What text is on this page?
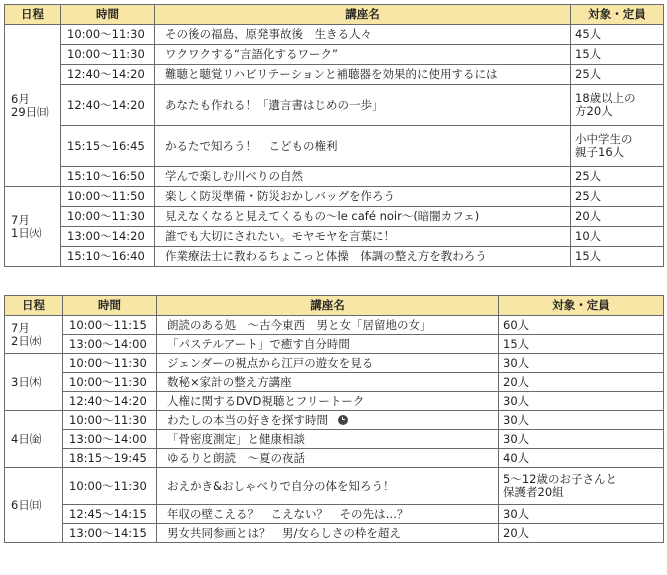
日程	時間	講座名	対象・定員
6月
29日㈰	10:00～11:30	その後の福島、原発事故後　生きる人々	45人
	10:00～11:30	ワクワクする“言語化するワーク”	15人
	12:40～14:20	難聴と聴覚リハビリテーションと補聴器を効果的に使用するには	25人
	12:40～14:20	あなたも作れる！「遺言書はじめの一歩」	18歳以上の
方20人
	15:15～16:45	かるたで知ろう！　こどもの権利	小中学生の
親子16人
	15:10～16:50	学んで楽しむ川べりの自然	25人
7月
1日㈫	10:00～11:50	楽しく防災準備・防災おかしバッグを作ろう	25人
	10:00～11:30	見えなくなると見えてくるもの～le café noir～(暗闇カフェ)	20人
	13:00～14:20	誰でも大切にされたい。モヤモヤを言葉に！	10人
	15:10～16:40	作業療法士に教わるちょこっと体操　体調の整え方を教わろう	15人
日程	時間	講座名	対象・定員
7月
2日㈬	10:00～11:15	朗読のある処　～古今東西　男と女「居留地の女」	60人
	13:00～14:00	「パステルアート」で癒す自分時間	15人
3日㈭	10:00～11:30	ジェンダーの視点から江戸の遊女を見る	30人
	10:00～11:30	数秘×家計の整え方講座	20人
	12:40～14:20	人権に関するDVD視聴とフリートーク	30人
4日㈮	10:00～11:30	わたしの本当の好きを探す時間	30人
	13:00～14:00	「骨密度測定」と健康相談	30人
	18:15～19:45	ゆるりと朗読　～夏の夜話	40人
6日㈰	10:00～11:30	おえかき&おしゃべりで自分の体を知ろう！	5～12歳のお子さんと
保護者20組
	12:45～14:15	年収の壁こえる？　こえない？　その先は…？	30人
	13:00～14:15	男女共同参画とは？　男/女らしさの枠を超え	20人
